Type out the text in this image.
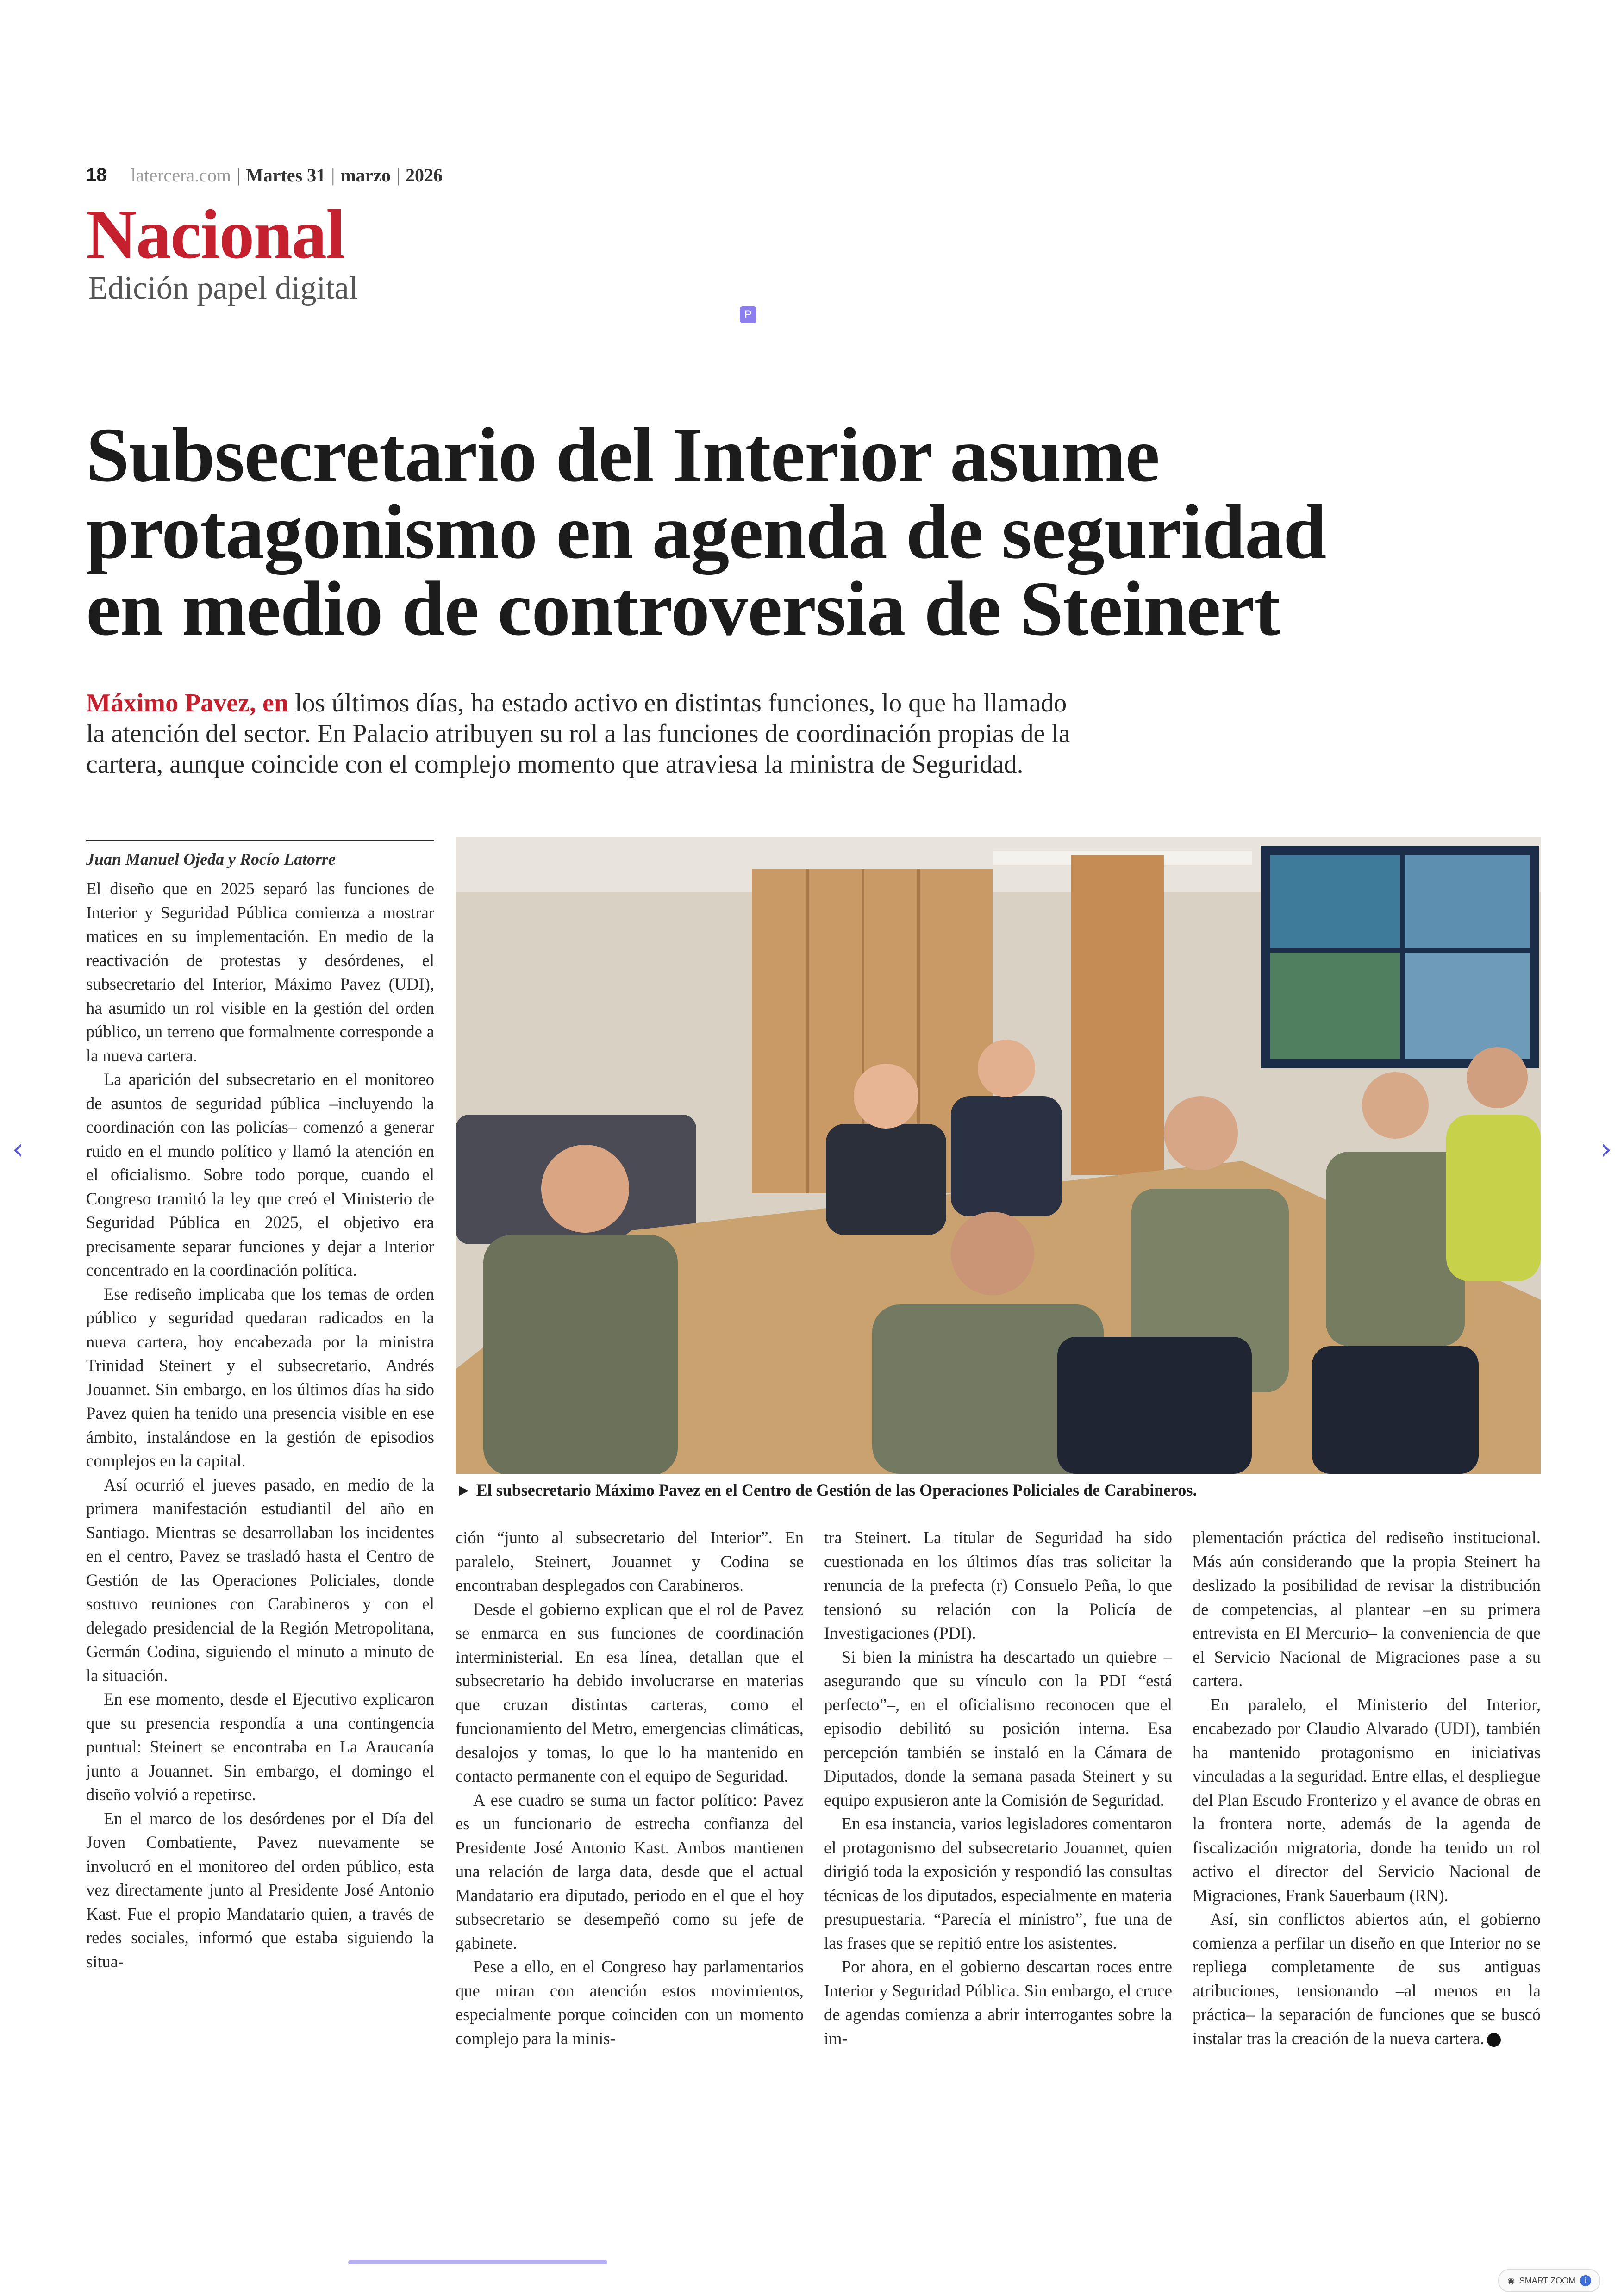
18 latercera.com | Martes 31 | marzo | 2026
Nacional
Edición papel digital
P
Subsecretario del Interior asume
protagonismo en agenda de seguridad
en medio de controversia de Steinert
Máximo Pavez, en los últimos días, ha estado activo en distintas funciones, lo que ha llamado
la atención del sector. En Palacio atribuyen su rol a las funciones de coordinación propias de la
cartera, aunque coincide con el complejo momento que atraviesa la ministra de Seguridad.
Juan Manuel Ojeda y Rocío Latorre
► El subsecretario Máximo Pavez en el Centro de Gestión de las Operaciones Policiales de Carabineros.

El diseño que en 2025 separó las funciones de Interior y Seguridad Pública comienza a mostrar matices en su implementación. En medio de la reactivación de protestas y desórdenes, el subsecretario del Interior, Máximo Pavez (UDI), ha asumido un rol visible en la gestión del orden público, un terreno que formalmente corresponde a la nueva cartera.

La aparición del subsecretario en el monitoreo de asuntos de seguridad pública –incluyendo la coordinación con las policías– comenzó a generar ruido en el mundo político y llamó la atención en el oficialismo. Sobre todo porque, cuando el Congreso tramitó la ley que creó el Ministerio de Seguridad Pública en 2025, el objetivo era precisamente separar funciones y dejar a Interior concentrado en la coordinación política.

Ese rediseño implicaba que los temas de orden público y seguridad quedaran radicados en la nueva cartera, hoy encabezada por la ministra Trinidad Steinert y el subsecretario, Andrés Jouannet. Sin embargo, en los últimos días ha sido Pavez quien ha tenido una presencia visible en ese ámbito, instalándose en la gestión de episodios complejos en la capital.

Así ocurrió el jueves pasado, en medio de la primera manifestación estudiantil del año en Santiago. Mientras se desarrollaban los incidentes en el centro, Pavez se trasladó hasta el Centro de Gestión de las Operaciones Policiales, donde sostuvo reuniones con Carabineros y con el delegado presidencial de la Región Metropolitana, Germán Codina, siguiendo el minuto a minuto de la situación.

En ese momento, desde el Ejecutivo explicaron que su presencia respondía a una contingencia puntual: Steinert se encontraba en La Araucanía junto a Jouannet. Sin embargo, el domingo el diseño volvió a repetirse.

En el marco de los desórdenes por el Día del Joven Combatiente, Pavez nuevamente se involucró en el monitoreo del orden público, esta vez directamente junto al Presidente José Antonio Kast. Fue el propio Mandatario quien, a través de redes sociales, informó que estaba siguiendo la situa-

ción “junto al subsecretario del Interior”. En paralelo, Steinert, Jouannet y Codina se encontraban desplegados con Carabineros.

Desde el gobierno explican que el rol de Pavez se enmarca en sus funciones de coordinación interministerial. En esa línea, detallan que el subsecretario ha debido involucrarse en materias que cruzan distintas carteras, como el funcionamiento del Metro, emergencias climáticas, desalojos y tomas, lo que lo ha mantenido en contacto permanente con el equipo de Seguridad.

A ese cuadro se suma un factor político: Pavez es un funcionario de estrecha confianza del Presidente José Antonio Kast. Ambos mantienen una relación de larga data, desde que el actual Mandatario era diputado, periodo en el que el hoy subsecretario se desempeñó como su jefe de gabinete.

Pese a ello, en el Congreso hay parlamentarios que miran con atención estos movimientos, especialmente porque coinciden con un momento complejo para la minis-

tra Steinert. La titular de Seguridad ha sido cuestionada en los últimos días tras solicitar la renuncia de la prefecta (r) Consuelo Peña, lo que tensionó su relación con la Policía de Investigaciones (PDI).

Si bien la ministra ha descartado un quiebre –asegurando que su vínculo con la PDI “está perfecto”–, en el oficialismo reconocen que el episodio debilitó su posición interna. Esa percepción también se instaló en la Cámara de Diputados, donde la semana pasada Steinert y su equipo expusieron ante la Comisión de Seguridad.

En esa instancia, varios legisladores comentaron el protagonismo del subsecretario Jouannet, quien dirigió toda la exposición y respondió las consultas técnicas de los diputados, especialmente en materia presupuestaria. “Parecía el ministro”, fue una de las frases que se repitió entre los asistentes.

Por ahora, en el gobierno descartan roces entre Interior y Seguridad Pública. Sin embargo, el cruce de agendas comienza a abrir interrogantes sobre la im-

plementación práctica del rediseño institucional. Más aún considerando que la propia Steinert ha deslizado la posibilidad de revisar la distribución de competencias, al plantear –en su primera entrevista en El Mercurio– la conveniencia de que el Servicio Nacional de Migraciones pase a su cartera.

En paralelo, el Ministerio del Interior, encabezado por Claudio Alvarado (UDI), también ha mantenido protagonismo en iniciativas vinculadas a la seguridad. Entre ellas, el despliegue del Plan Escudo Fronterizo y el avance de obras en la frontera norte, además de la agenda de fiscalización migratoria, donde ha tenido un rol activo el director del Servicio Nacional de Migraciones, Frank Sauerbaum (RN).

Así, sin conflictos abiertos aún, el gobierno comienza a perfilar un diseño en que Interior no se repliega completamente de sus antiguas atribuciones, tensionando –al menos en la práctica– la separación de funciones que se buscó instalar tras la creación de la nueva cartera.

‹	›
◉ SMART ZOOM	i
